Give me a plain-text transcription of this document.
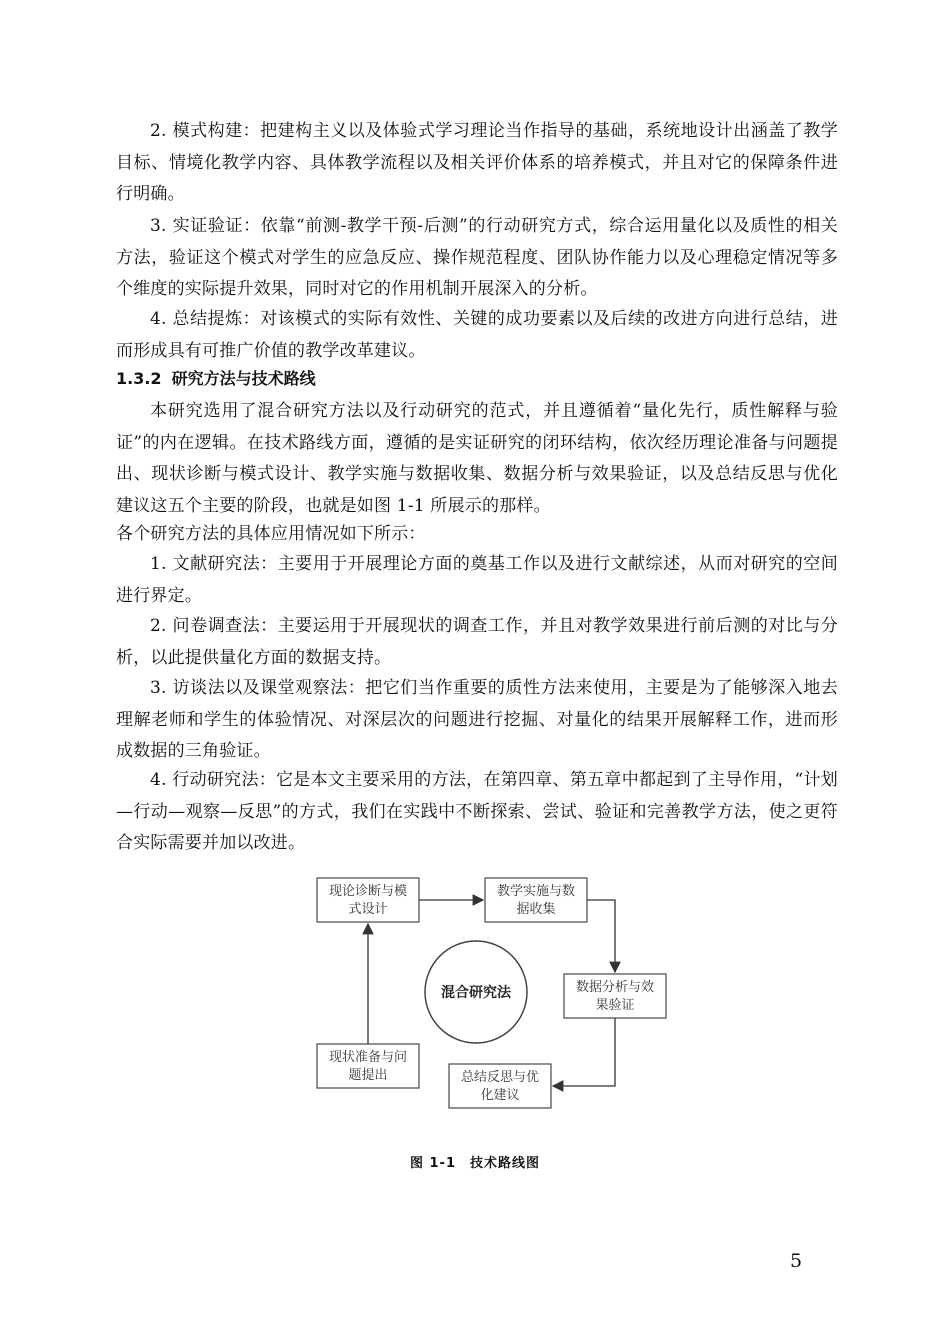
2. 模式构建：把建构主义以及体验式学习理论当作指导的基础，系统地设计出涵盖了教学目标、情境化教学内容、具体教学流程以及相关评价体系的培养模式，并且对它的保障条件进行明确。

3. 实证验证：依靠“前测-教学干预-后测”的行动研究方式，综合运用量化以及质性的相关方法，验证这个模式对学生的应急反应、操作规范程度、团队协作能力以及心理稳定情况等多个维度的实际提升效果，同时对它的作用机制开展深入的分析。

4. 总结提炼：对该模式的实际有效性、关键的成功要素以及后续的改进方向进行总结，进而形成具有可推广价值的教学改革建议。

1.3.2 研究方法与技术路线

本研究选用了混合研究方法以及行动研究的范式，并且遵循着“量化先行，质性解释与验证”的内在逻辑。在技术路线方面，遵循的是实证研究的闭环结构，依次经历理论准备与问题提出、现状诊断与模式设计、教学实施与数据收集、数据分析与效果验证，以及总结反思与优化建议这五个主要的阶段，也就是如图 1-1 所展示的那样。

各个研究方法的具体应用情况如下所示：

1. 文献研究法：主要用于开展理论方面的奠基工作以及进行文献综述，从而对研究的空间进行界定。

2. 问卷调查法：主要运用于开展现状的调查工作，并且对教学效果进行前后测的对比与分析，以此提供量化方面的数据支持。

3. 访谈法以及课堂观察法：把它们当作重要的质性方法来使用，主要是为了能够深入地去理解老师和学生的体验情况、对深层次的问题进行挖掘、对量化的结果开展解释工作，进而形成数据的三角验证。

4. 行动研究法：它是本文主要采用的方法，在第四章、第五章中都起到了主导作用，“计划—行动—观察—反思”的方式，我们在实践中不断探索、尝试、验证和完善教学方法，使之更符合实际需要并加以改进。

现论诊断与模
式设计
教学实施与数
据收集
数据分析与效
果验证
总结反思与优
化建议
现状准备与问
题提出
混合研究法

图 1-1 技术路线图

5
